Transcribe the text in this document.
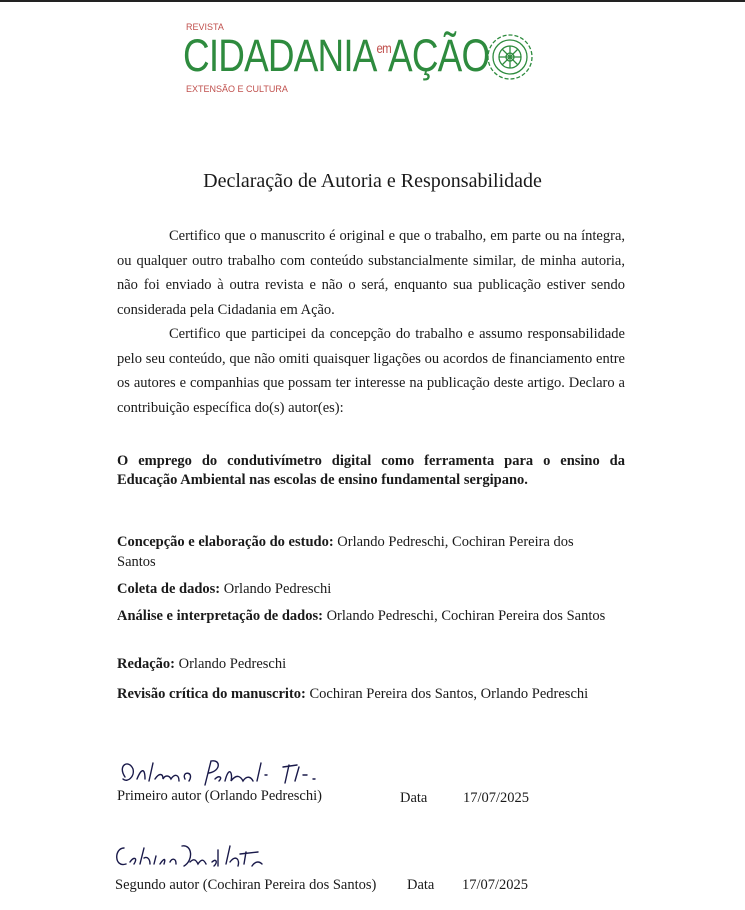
REVISTA
CIDADANIAemAÇÃO
EXTENSÃO E CULTURA
Declaração de Autoria e Responsabilidade
Certifico que o manuscrito é original e que o trabalho, em parte ou na íntegra, ou qualquer outro trabalho com conteúdo substancialmente similar, de minha autoria, não foi enviado à outra revista e não o será, enquanto sua publicação estiver sendo considerada pela Cidadania em Ação.
Certifico que participei da concepção do trabalho e assumo responsabilidade pelo seu conteúdo, que não omiti quaisquer ligações ou acordos de financiamento entre os autores e companhias que possam ter interesse na publicação deste artigo. Declaro a contribuição específica do(s) autor(es):
O emprego do condutivímetro digital como ferramenta para o ensino da Educação Ambiental nas escolas de ensino fundamental sergipano.
Concepção e elaboração do estudo: Orlando Pedreschi, Cochiran Pereira dos Santos
Coleta de dados: Orlando Pedreschi
Análise e interpretação de dados: Orlando Pedreschi, Cochiran Pereira dos Santos
Redação: Orlando Pedreschi
Revisão crítica do manuscrito: Cochiran Pereira dos Santos, Orlando Pedreschi
Primeiro autor (Orlando Pedreschi)	Data 17/07/2025
Segundo autor (Cochiran Pereira dos Santos) Data 17/07/2025
